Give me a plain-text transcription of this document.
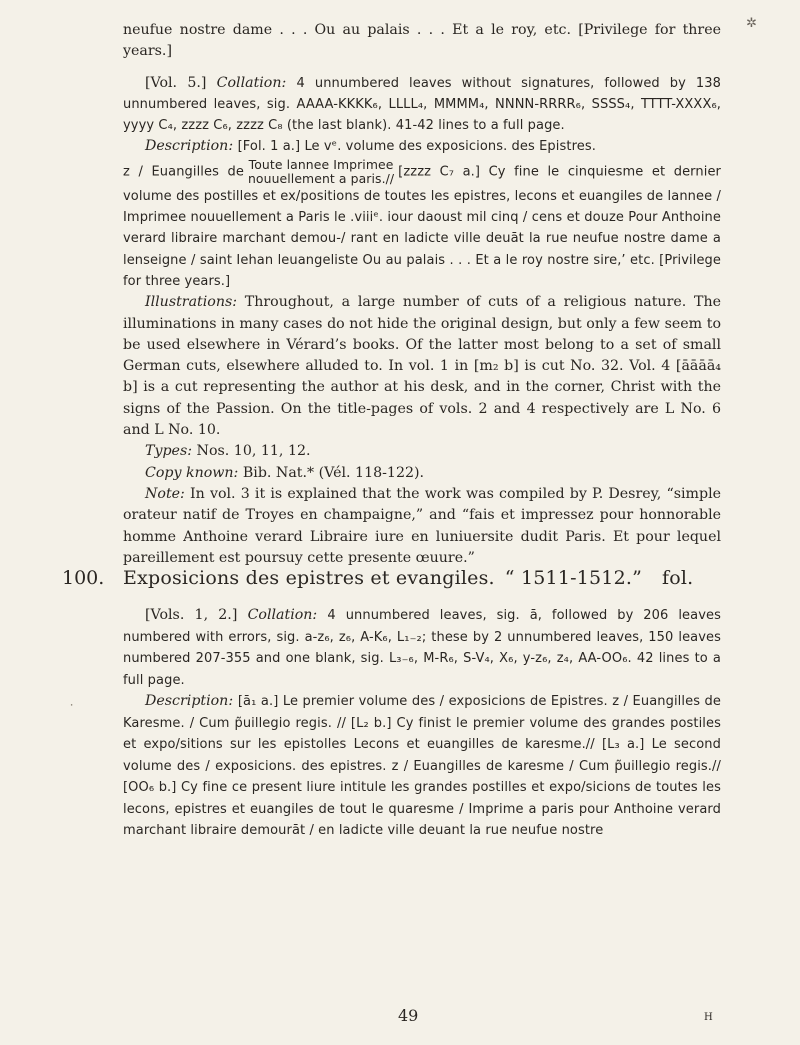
✲

neufue nostre dame . . . Ou au palais . . . Et a le roy, etc. [Privilege for three years.]

[Vol. 5.] Collation: 4 unnumbered leaves without signatures, followed by 138 unnumbered leaves, sig. AAAA-KKKK₆, LLLL₄, MMMM₄, NNNN-RRRR₆, SSSS₄, TTTT-XXXX₆, yyyy C₄, zzzz C₆, zzzz C₈ (the last blank). 41-42 lines to a full page.

Description: [Fol. 1 a.] Le vᵉ. volume des exposicions. des Epistres.

z / Euangilles de Toute lannee Imprimee
nouuellement a paris.// [zzzz C₇ a.] Cy fine le cinquiesme et dernier volume des postilles et ex/positions de toutes les epistres, lecons et euangiles de lannee / Imprimee nouuellement a Paris le .viiiᵉ. iour daoust mil cinq / cens et douze Pour Anthoine verard libraire marchant demou-/ rant en ladicte ville deuāt la rue neufue nostre dame a lenseigne / saint Iehan leuangeliste Ou au palais . . . Et a le roy nostre sire,’ etc. [Privilege for three years.]

Illustrations: Throughout, a large number of cuts of a religious nature. The illuminations in many cases do not hide the original design, but only a few seem to be used elsewhere in Vérard’s books. Of the latter most belong to a set of small German cuts, elsewhere alluded to. In vol. 1 in [m₂ b] is cut No. 32. Vol. 4 [āāāā₄ b] is a cut representing the author at his desk, and in the corner, Christ with the signs of the Passion. On the title-pages of vols. 2 and 4 respectively are L No. 6 and L No. 10.

Types: Nos. 10, 11, 12.

Copy known: Bib. Nat.* (Vél. 118-122).

Note: In vol. 3 it is explained that the work was compiled by P. Desrey, “simple orateur natif de Troyes en champaigne,” and “fais et impressez pour honnorable homme Anthoine verard Libraire iure en luniuersite dudit Paris. Et pour lequel pareillement est poursuy cette presente œuure.”

100. Exposicions des epistres et evangiles. “ 1511-1512.” fol.
⸳

[Vols. 1, 2.] Collation: 4 unnumbered leaves, sig. ā, followed by 206 leaves numbered with errors, sig. a-z₆, z₆, A-K₆, L₁₋₂; these by 2 unnumbered leaves, 150 leaves numbered 207-355 and one blank, sig. L₃₋₆, M-R₆, S-V₄, X₆, y-z₆, z₄, AA-OO₆. 42 lines to a full page.

Description: [ā₁ a.] Le premier volume des / exposicions de Epistres. z / Euangilles de Karesme. / Cum p̃uillegio regis. // [L₂ b.] Cy finist le premier volume des grandes postiles et expo/sitions sur les epistolles Lecons et euangilles de karesme.// [L₃ a.] Le second volume des / exposicions. des epistres. z / Euangilles de karesme / Cum p̃uillegio regis.// [OO₆ b.] Cy fine ce present liure intitule les grandes postilles et expo/sicions de toutes les lecons, epistres et euangiles de tout le quaresme / Imprime a paris pour Anthoine verard marchant libraire demourāt / en ladicte ville deuant la rue neufue nostre

49	H
